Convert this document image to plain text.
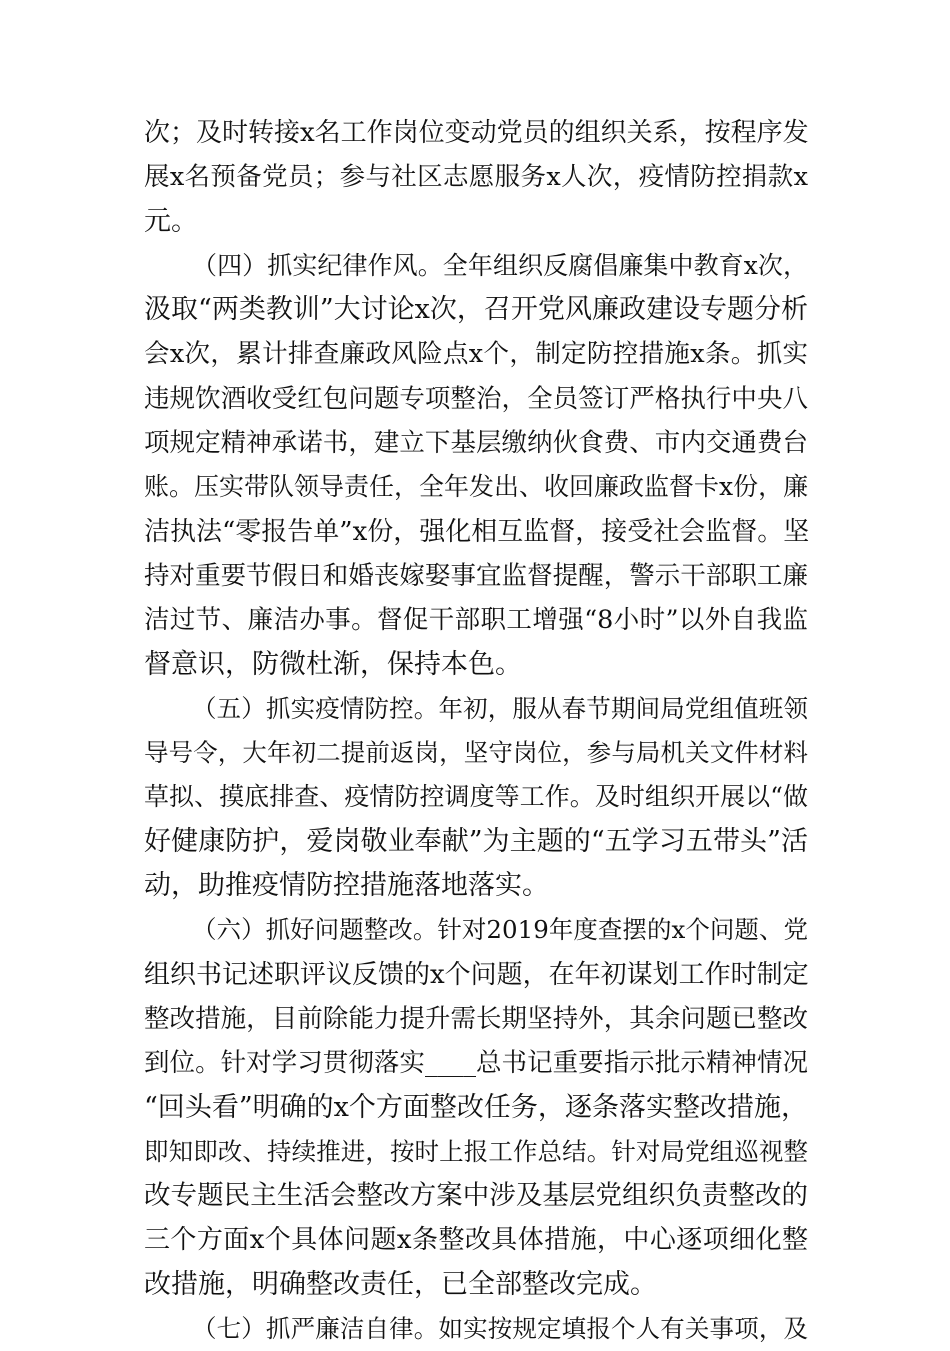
次；及时转接x名工作岗位变动党员的组织关系，按程序发
展x名预备党员；参与社区志愿服务x人次，疫情防控捐款x
元。
（四）抓实纪律作风。全年组织反腐倡廉集中教育x次，
汲取“两类教训”大讨论x次，召开党风廉政建设专题分析
会x次，累计排查廉政风险点x个，制定防控措施x条。抓实
违规饮酒收受红包问题专项整治，全员签订严格执行中央八
项规定精神承诺书，建立下基层缴纳伙食费、市内交通费台
账。压实带队领导责任，全年发出、收回廉政监督卡x份，廉
洁执法“零报告单”x份，强化相互监督，接受社会监督。坚
持对重要节假日和婚丧嫁娶事宜监督提醒，警示干部职工廉
洁过节、廉洁办事。督促干部职工增强“8小时”以外自我监
督意识，防微杜渐，保持本色。
（五）抓实疫情防控。年初，服从春节期间局党组值班领
导号令，大年初二提前返岗，坚守岗位，参与局机关文件材料
草拟、摸底排查、疫情防控调度等工作。及时组织开展以“做
好健康防护，爱岗敬业奉献”为主题的“五学习五带头”活
动，助推疫情防控措施落地落实。
（六）抓好问题整改。针对2019年度查摆的x个问题、党
组织书记述职评议反馈的x个问题，在年初谋划工作时制定
整改措施，目前除能力提升需长期坚持外，其余问题已整改
到位。针对学习贯彻落实____总书记重要指示批示精神情况
“回头看”明确的x个方面整改任务，逐条落实整改措施，
即知即改、持续推进，按时上报工作总结。针对局党组巡视整
改专题民主生活会整改方案中涉及基层党组织负责整改的
三个方面x个具体问题x条整改具体措施，中心逐项细化整
改措施，明确整改责任，已全部整改完成。
（七）抓严廉洁自律。如实按规定填报个人有关事项，及
